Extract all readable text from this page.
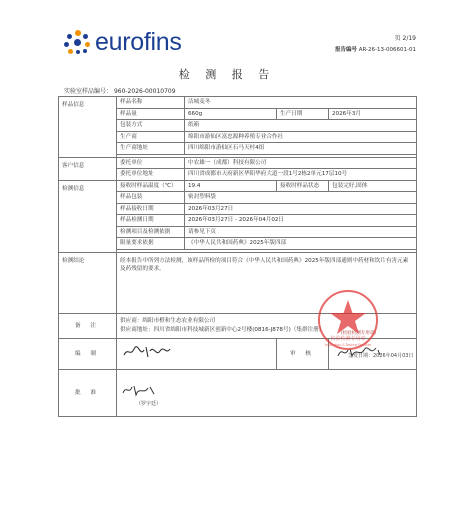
eurofins	页 2/19
报告编号 AR-26-13-006601-01
检 测 报 告
实验室样品编号： 960-2026-00010709
样品信息	样品名称	洁城麦冬		
	样品量	660g	生产日期	2026年3月
	包装方式	纸箱		
	生产商	绵阳市游仙区富忠源种养殖专业合作社		
	生产商地址	四川绵阳市游仙区石马天村4组		

客户信息	委托单位	中农雄一（成都）科技有限公司		
	委托单位地址	四川省成都市天府新区华阳华府大道一段1号2栋2单元17层10号		
检测信息	接收时样品温度（℃）	19.4	接收时样品状态	包装完好,固体
	样品包装	密封塑料袋		
	样品接收日期	2026年03月27日		
	样品检测日期	2026年03月27日 - 2026年04月02日		
	检测项目及检测依据	请参见下页		
	限量要求依据	《中华人民共和国药典》2025年版四部		

检测结论	经本报告中所列方法检测，该样品所检的项目符合《中华人民共和国药典》2025年版四部通则中药材和饮片有害元素及药残留的要求。			
备 注	供应商：绵阳市橙和生态农业有限公司
供应商地址：四川省绵阳市科技城新区创新中心2号楼(0816-J878号)（集群注册）			

编 制			审 核	
批 准	（罗宇廷）			
检验检测专用章
Inspection & Testing Services
(检验检测专用章)
签发日期：2026年04月03日
